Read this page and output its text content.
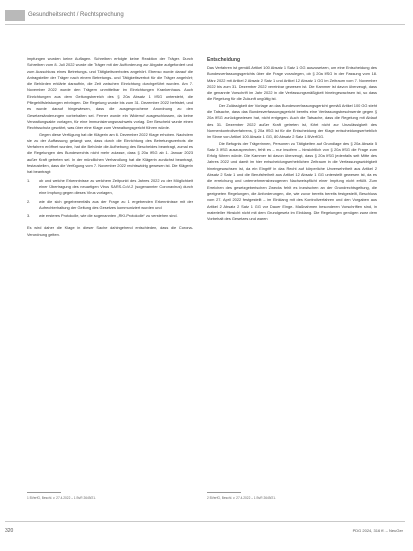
Gesundheitsrecht / Rechtsprechung

impfungen wurden keine Auflagen. Schreiben erfolgte keine Reaktion der Träger. Durch Schreiben vom 8. Juli 2022 wurde die Träger mit der Aufforderung zur Abgabe aufgefordert und zum Ausschluss eines Betretungs- und Tätigkeitsverbotes angehört. Ebenso wurde darauf die Antragsteller der Träger nach einem Betretungs- und Tätigkeitsverbot für die Träger angehört; die Behörden erklärte daraufhin, die Zeit zwischen Einrichtung durchgeführt wurden. Am 7. November 2022 wurde den Trägern unmittelbar im Einrichtungen Krankenhaus. Auch Einrichtungen aus dem Geltungsbereich des § 20a Absatz 1 IfSG untersteht, die Pflegehilfsleistungen erbringen. Die Regelung wurde bis zum 31. Dezember 2022 befristet, und es wurde darauf hingewiesen, dass die ausgesprochene Anordnung zu den Gesetzesänderungen vorbehalten sei. Ferner wurde ein Widerruf ausgeschlossen, da keine Verwaltungsakte vorlagen, für eine Immunisierungsnachweis vorlag. Der Bescheid wurde einen Rechtsschutz gewährt, was über eine Klage zum Verwaltungsgericht führen würde.

Gegen diese Verfügung hat die Klägerin am 6. Dezember 2022 Klage erhoben. Nachdem sie zu der Auffassung gelangt war, dass durch die Einrichtung des Betretungsverbots die Verfahren eröffnet wurden, hat die Behörde die Aufhebung des Bescheides beantragt, zumal es die Regelungen des Bundesrechts nicht mehr zulasse, dass § 20a IfSG ab 1. Januar 2023 außer Kraft getreten sei. In der mündlichen Verhandlung hat die Klägerin zunächst beantragt, festzustellen, dass die Verfügung vom 7. November 2022 rechtswidrig gewesen ist. Die Klägerin hat beantragt:

1.	ob und welche Erkenntnisse zu welchem Zeitpunkt des Jahres 2022 zu der Möglichkeit einer Übertragung des neuartigen Virus SARS-CoV-2 (sogenannter Coronavirus) durch eine Impfung gegen dieses Virus vorlagen,
2.	wie die sich gegebenenfalls aus der Frage zu 1 ergebenden Erkenntnisse mit der Aufrechterhaltung der Geltung des Gesetzes kommuniziert wurden und
3.	wie ersteres Protokolle, wie die sogenannten „RKI-Protokolle“ zu verstehen sind.

Es wird daher die Klage in dieser Sache dahingehend entschieden, dass die Corona-Verordnung gelten.

Entscheidung

Das Verfahren ist gemäß Artikel 100 Absatz 1 Satz 1 GG auszusetzen, um eine Entscheidung des Bundesverfassungsgerichts über die Frage vorzulegen, ob § 20a IfSG in der Fassung vom 18. März 2022 mit Artikel 2 Absatz 2 Satz 1 und Artikel 12 Absatz 1 GG im Zeitraum vom 7. November 2022 bis zum 31. Dezember 2022 vereinbar gewesen ist. Die Kammer ist davon überzeugt, dass die genannte Vorschrift im Jahr 2022 in die Verfassungsmäßigkeit hineingewachsen ist, so dass die Regelung für die Zukunft ungültig ist.

Der Zulässigkeit der Vorlage an das Bundesverfassungsgericht gemäß Artikel 100 GG steht die Tatsache, dass das Bundesverfassungsgericht bereits eine Verfassungsbeschwerde gegen § 20a IfSG zurückgewiesen hat, nicht entgegen. Auch die Tatsache, dass die Regelung mit Ablauf des 31. Dezember 2022 außer Kraft getreten ist, führt nicht zur Unzulässigkeit des Normenkontrollverfahrens, § 20a IfSG ist für die Entscheidung der Klage entscheidungserheblich im Sinne von Artikel 100 Absatz 1 GG, 80 Absatz 2 Satz 1 BVerfGG.

Die Befugnis der Trägerinnen, Personen zu Tätigkeiten auf Grundlage des § 20a Absatz 5 Satz 3 IfSG auszusprechen, fehlt es – nur insofern – hinsichtlich von § 20a IfSG die Frage zum Erfolg führen würde. Die Kammer ist davon überzeugt, dass § 20a IfSG jedenfalls seit Mitte des Jahres 2022 und damit im hier entscheidungserheblichen Zeitraum in die Verfassungswidrigkeit hineingewachsen ist, da ein Eingriff in das Recht auf körperliche Unversehrtheit aus Artikel 2 Absatz 2 Satz 1 und die Berufsfreiheit aus Artikel 12 Absatz 1 GG unterstellt gewesen ist, da es die erreichung und unternehmensbezogenen Nachweispflicht einer Impfung nicht erfüllt. Zum Erreichen des gesetzgeberischen Zwecks fehlt es inzwischen an der Grundrechtsgeltung, die geeigneten Regelungen, die Anforderungen, die, wie zuvor bereits bereits festgestellt, Beschluss vom 27. April 2022 festgestellt – im Einklang mit des Kontrollverfahren und den Vorgaben aus Artikel 2 Absatz 2 Satz 1 GG vor Dauer Einge- Maßnahmen besonderen Vorschriften sind, in materieller Hinsicht nicht mit dem Grundgesetz im Einklang. Die Regelungen genügen zwar dem Vorbehalt des Gesetzes und waren

1 BVerfG, Beschl. v. 27.4.2022 – 1 BvR 2649/21.	2 BVerfG, Beschl. v. 27.4.2022 – 1 BvR 2649/21.
320	PDG 2024, 316 ff. – NeuGer
